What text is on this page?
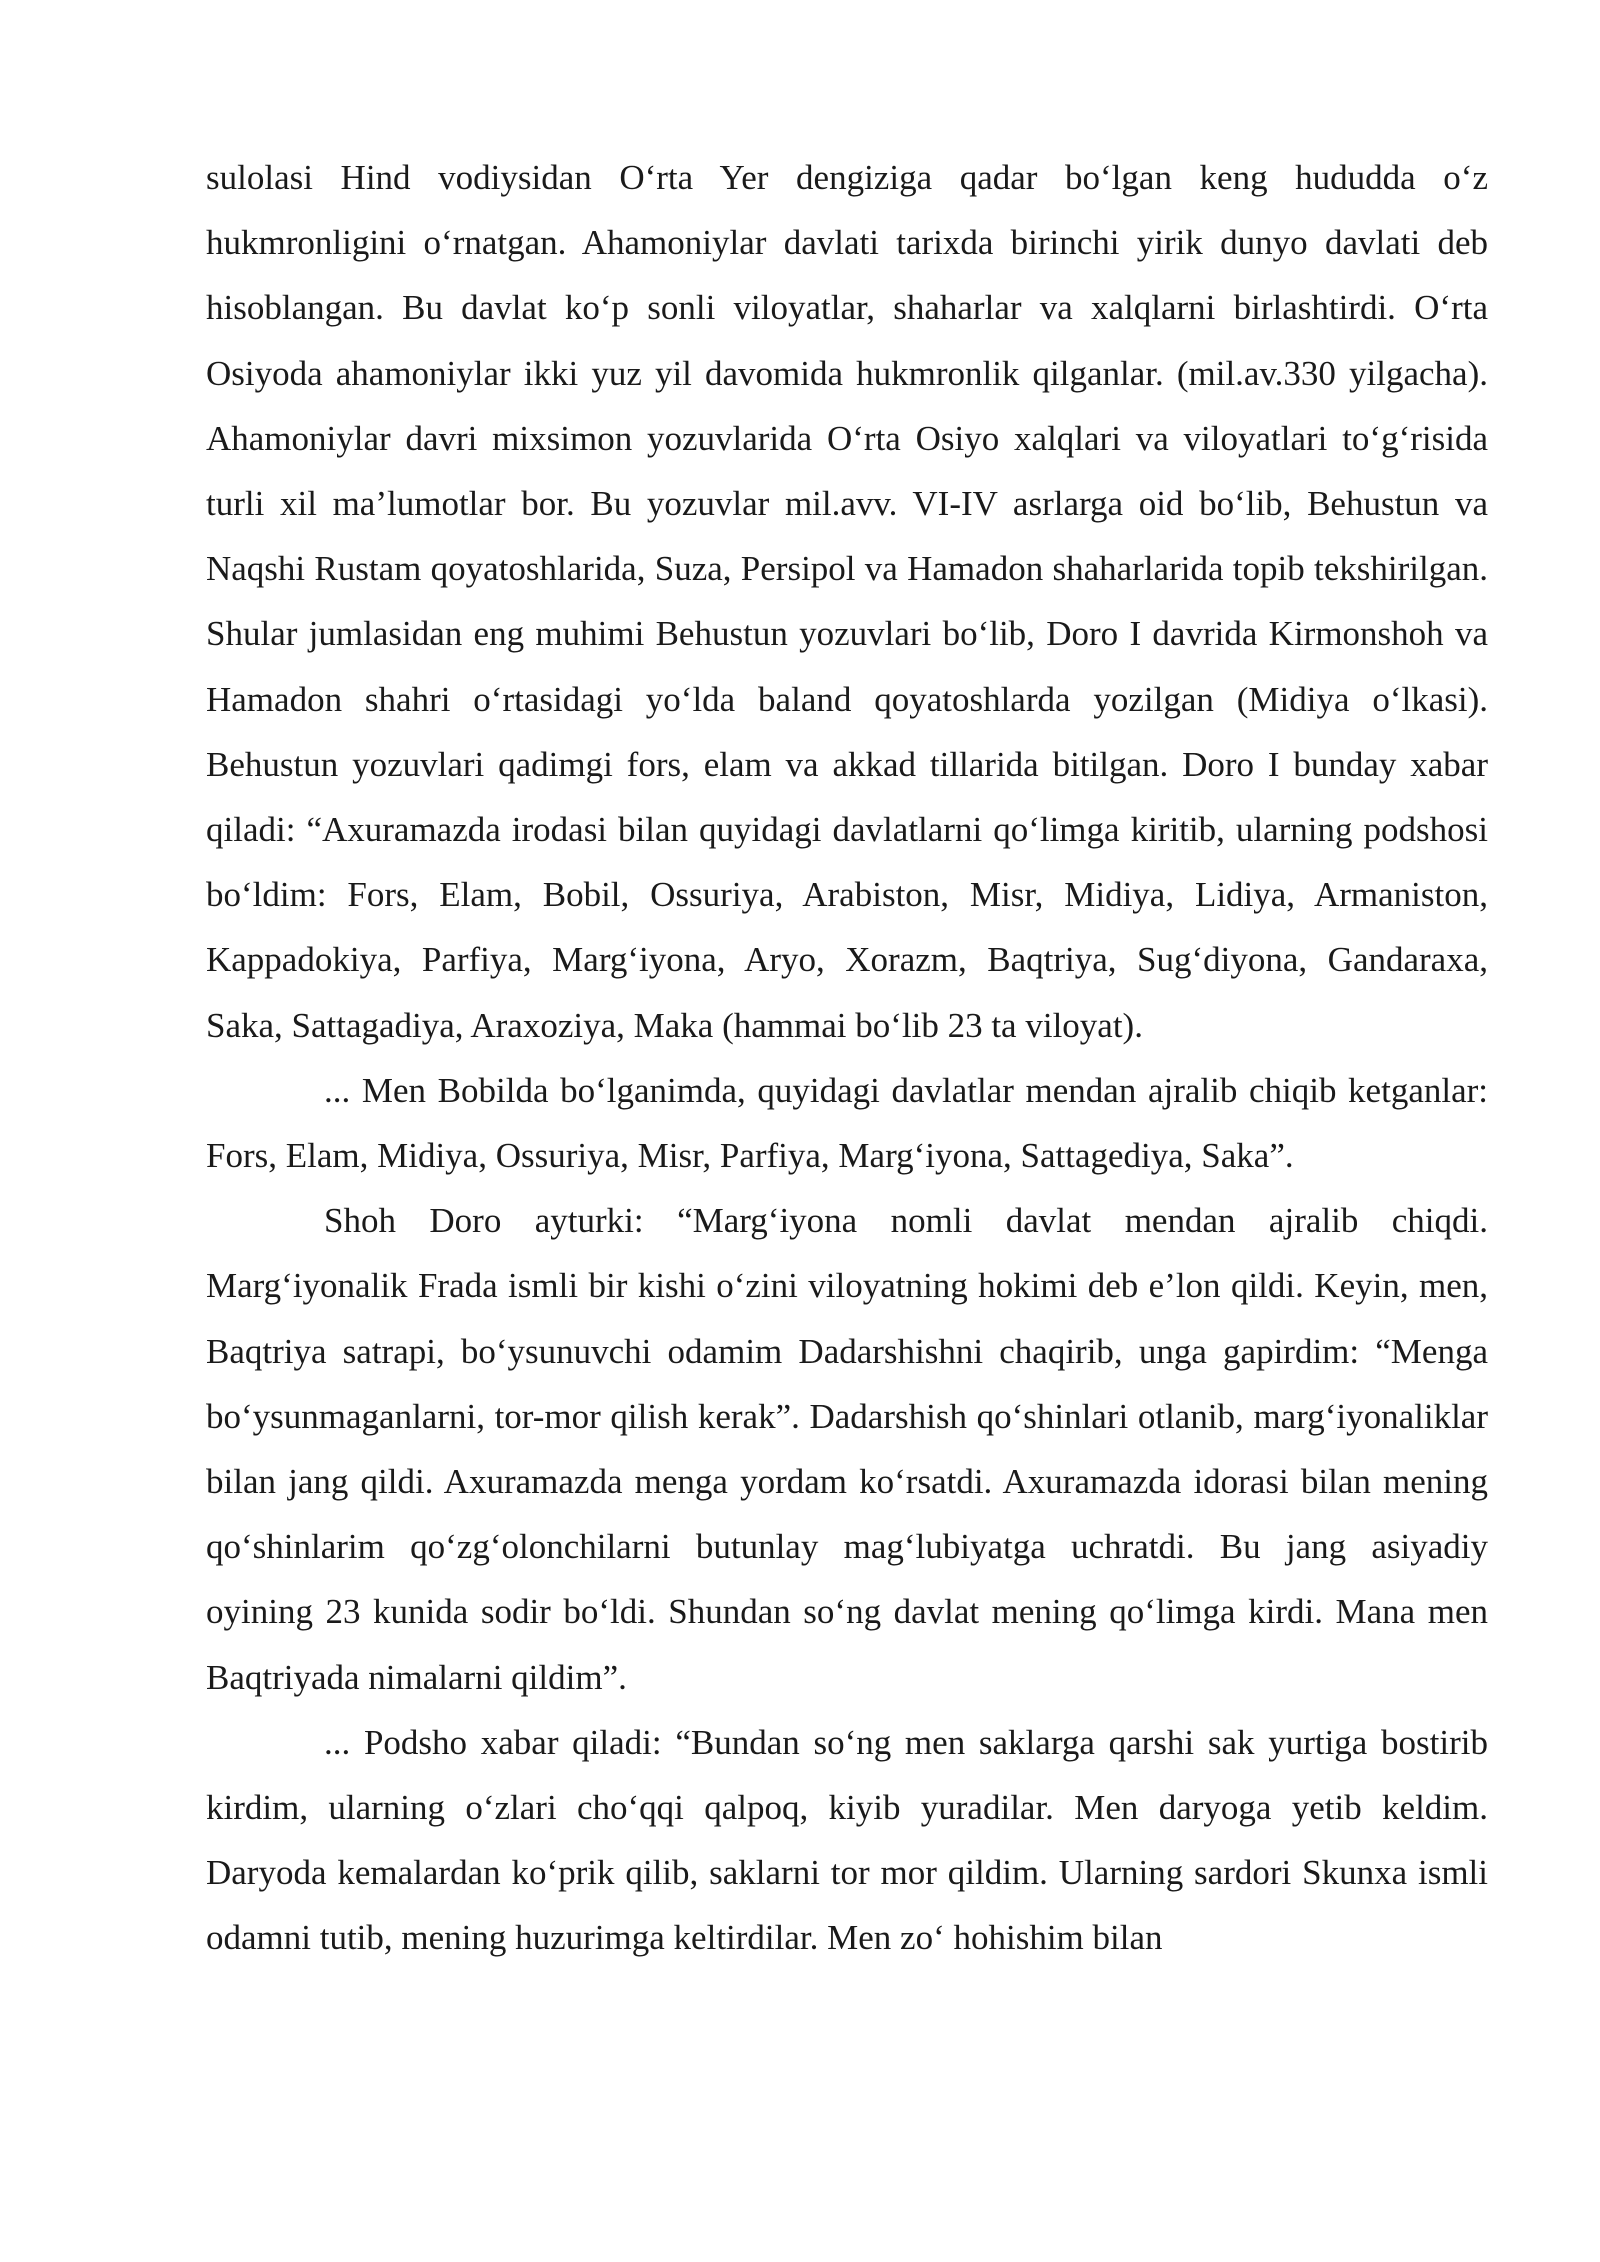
sulolasi Hind vodiysidan O‘rta Yer dengiziga qadar bo‘lgan keng hududda o‘z hukmronligini o‘rnatgan. Ahamoniylar davlati tarixda birinchi yirik dunyo davlati deb hisoblangan. Bu davlat ko‘p sonli viloyatlar, shaharlar va xalqlarni birlashtirdi. O‘rta Osiyoda ahamoniylar ikki yuz yil davomida hukmronlik qilganlar. (mil.av.330 yilgacha). Ahamoniylar davri mixsimon yozuvlarida O‘rta Osiyo xalqlari va viloyatlari to‘g‘risida turli xil ma’lumotlar bor. Bu yozuvlar mil.avv. VI-IV asrlarga oid bo‘lib, Behustun va Naqshi Rustam qoyatoshlarida, Suza, Persipol va Hamadon shaharlarida topib tekshirilgan. Shular jumlasidan eng muhimi Behustun yozuvlari bo‘lib, Doro I davrida Kirmonshoh va Hamadon shahri o‘rtasidagi yo‘lda baland qoyatoshlarda yozilgan (Midiya o‘lkasi). Behustun yozuvlari qadimgi fors, elam va akkad tillarida bitilgan. Doro I bunday xabar qiladi: “Axuramazda irodasi bilan quyidagi davlatlarni qo‘limga kiritib, ularning podshosi bo‘ldim: Fors, Elam, Bobil, Ossuriya, Arabiston, Misr, Midiya, Lidiya, Armaniston, Kappadokiya, Parfiya, Marg‘iyona, Aryo, Xorazm, Baqtriya, Sug‘diyona, Gandaraxa, Saka, Sattagadiya, Araxoziya, Maka (hammai bo‘lib 23 ta viloyat).

... Men Bobilda bo‘lganimda, quyidagi davlatlar mendan ajralib chiqib ketganlar: Fors, Elam, Midiya, Ossuriya, Misr, Parfiya, Marg‘iyona, Sattagediya, Saka”.

Shoh Doro ayturki: “Marg‘iyona nomli davlat mendan ajralib chiqdi. Marg‘iyonalik Frada ismli bir kishi o‘zini viloyatning hokimi deb e’lon qildi. Keyin, men, Baqtriya satrapi, bo‘ysunuvchi odamim Dadarshishni chaqirib, unga gapirdim: “Menga bo‘ysunmaganlarni, tor-mor qilish kerak”. Dadarshish qo‘shinlari otlanib, marg‘iyonaliklar bilan jang qildi. Axuramazda menga yordam ko‘rsatdi. Axuramazda idorasi bilan mening qo‘shinlarim qo‘zg‘olonchilarni butunlay mag‘lubiyatga uchratdi. Bu jang asiyadiy oyining 23 kunida sodir bo‘ldi. Shundan so‘ng davlat mening qo‘limga kirdi. Mana men Baqtriyada nimalarni qildim”.

... Podsho xabar qiladi: “Bundan so‘ng men saklarga qarshi sak yurtiga bostirib kirdim, ularning o‘zlari cho‘qqi qalpoq, kiyib yuradilar. Men daryoga yetib keldim. Daryoda kemalardan ko‘prik qilib, saklarni tor mor qildim. Ularning sardori Skunxa ismli odamni tutib, mening huzurimga keltirdilar. Men zo‘ hohishim bilan
